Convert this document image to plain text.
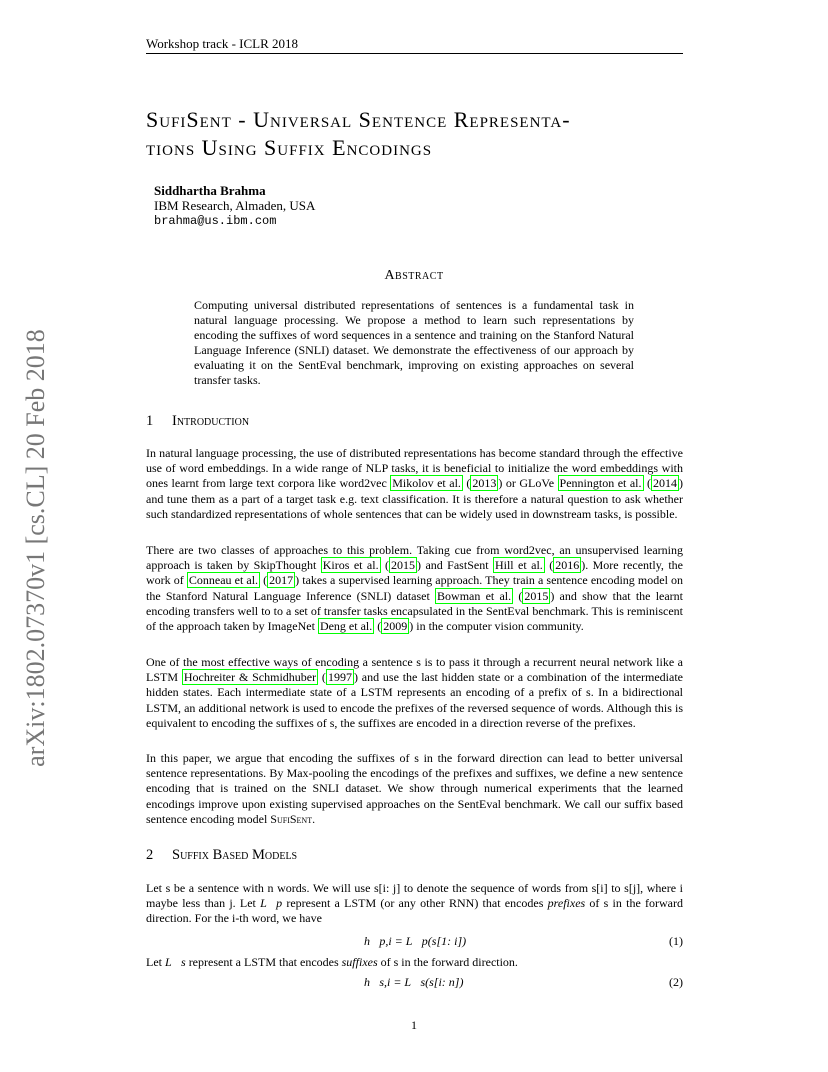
arXiv:1802.07370v1 [cs.CL] 20 Feb 2018
Workshop track - ICLR 2018
SufiSent - Universal Sentence Representa-
tions Using Suffix Encodings
Siddhartha Brahma
IBM Research, Almaden, USA
brahma@us.ibm.com
Abstract
Computing universal distributed representations of sentences is a fundamental task in natural language processing. We propose a method to learn such representations by encoding the suffixes of word sequences in a sentence and training on the Stanford Natural Language Inference (SNLI) dataset. We demonstrate the effectiveness of our approach by evaluating it on the SentEval benchmark, improving on existing approaches on several transfer tasks.
1 Introduction
In natural language processing, the use of distributed representations has become standard through the effective use of word embeddings. In a wide range of NLP tasks, it is beneficial to initialize the word embeddings with ones learnt from large text corpora like word2vec Mikolov et al. ( 2013 ) or GLoVe Pennington et al. ( 2014 ) and tune them as a part of a target task e.g. text classification. It is therefore a natural question to ask whether such standardized representations of whole sentences that can be widely used in downstream tasks, is possible.
There are two classes of approaches to this problem. Taking cue from word2vec, an unsupervised learning approach is taken by SkipThought Kiros et al. ( 2015 ) and FastSent Hill et al. ( 2016 ). More recently, the work of Conneau et al. ( 2017 ) takes a supervised learning approach. They train a sentence encoding model on the Stanford Natural Language Inference (SNLI) dataset Bowman et al. ( 2015 ) and show that the learnt encoding transfers well to to a set of transfer tasks encapsulated in the SentEval benchmark. This is reminiscent of the approach taken by ImageNet Deng et al. ( 2009 ) in the computer vision community.
One of the most effective ways of encoding a sentence s is to pass it through a recurrent neural network like a LSTM Hochreiter & Schmidhuber ( 1997 ) and use the last hidden state or a combination of the intermediate hidden states. Each intermediate state of a LSTM represents an encoding of a prefix of s. In a bidirectional LSTM, an additional network is used to encode the prefixes of the reversed sequence of words. Although this is equivalent to encoding the suffixes of s, the suffixes are encoded in a direction reverse of the prefixes.
In this paper, we argue that encoding the suffixes of s in the forward direction can lead to better universal sentence representations. By Max-pooling the encodings of the prefixes and suffixes, we define a new sentence encoding that is trained on the SNLI dataset. We show through numerical experiments that the learned encodings improve upon existing supervised approaches on the SentEval benchmark. We call our suffix based sentence encoding model SufiSent.
2 Suffix Based Models
Let s be a sentence with n words. We will use s[i: j] to denote the sequence of words from s[i] to s[j], where i maybe less than j. Let L⃗p represent a LSTM (or any other RNN) that encodes prefixes of s in the forward direction. For the i-th word, we have
h⃗p,i = L⃗p(s[1: i])	(1)
Let L⃗s represent a LSTM that encodes suffixes of s in the forward direction.
h⃗s,i = L⃗s(s[i: n])	(2)
1
